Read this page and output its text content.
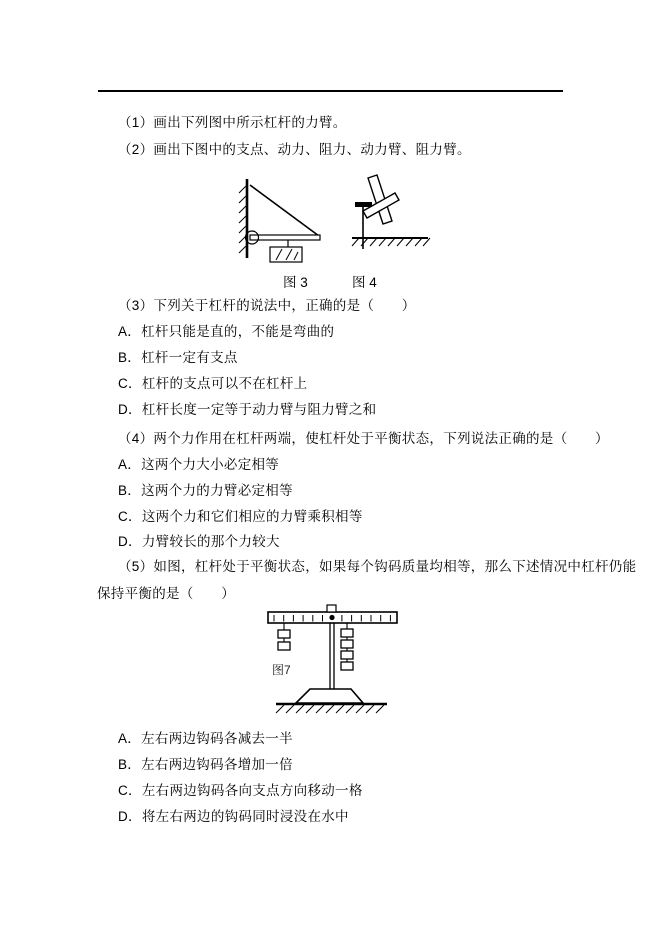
（1）画出下列图中所示杠杆的力臂。
（2）画出下图中的支点、动力、阻力、动力臂、阻力臂。
图 3	图 4
（3）下列关于杠杆的说法中，正确的是（　　）
A．杠杆只能是直的，不能是弯曲的
B．杠杆一定有支点
C．杠杆的支点可以不在杠杆上
D．杠杆长度一定等于动力臂与阻力臂之和
（4）两个力作用在杠杆两端，使杠杆处于平衡状态，下列说法正确的是（　　）
A．这两个力大小必定相等
B．这两个力的力臂必定相等
C．这两个力和它们相应的力臂乘积相等
D．力臂较长的那个力较大
（5）如图，杠杆处于平衡状态，如果每个钩码质量均相等，那么下述情况中杠杆仍能
保持平衡的是（　　）
图7
A．左右两边钩码各减去一半
B．左右两边钩码各增加一倍
C．左右两边钩码各向支点方向移动一格
D．将左右两边的钩码同时浸没在水中
